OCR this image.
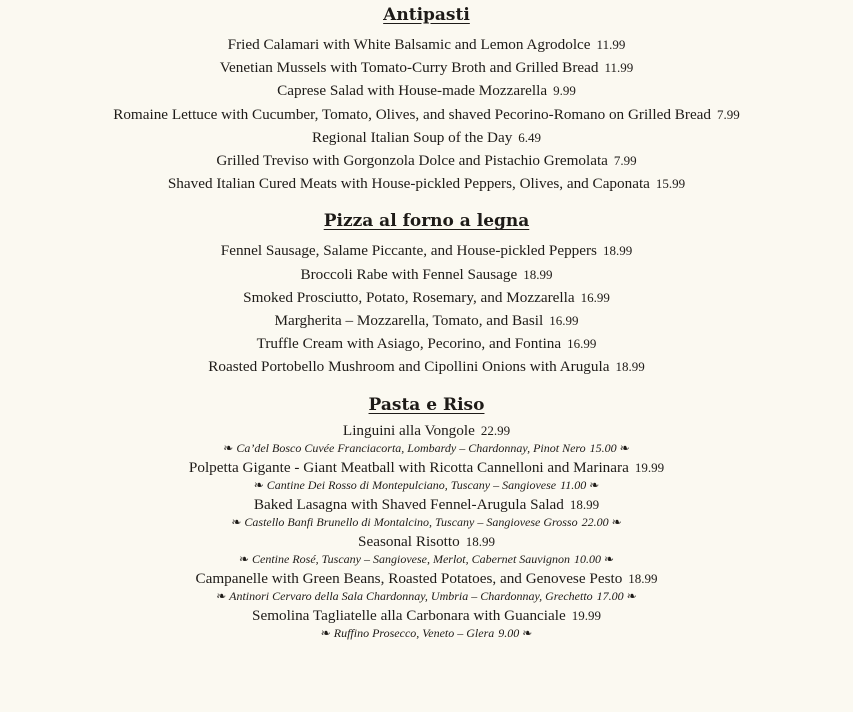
Antipasti
Fried Calamari with White Balsamic and Lemon Agrodolce 11.99
Venetian Mussels with Tomato-Curry Broth and Grilled Bread 11.99
Caprese Salad with House-made Mozzarella 9.99
Romaine Lettuce with Cucumber, Tomato, Olives, and shaved Pecorino-Romano on Grilled Bread 7.99
Regional Italian Soup of the Day 6.49
Grilled Treviso with Gorgonzola Dolce and Pistachio Gremolata 7.99
Shaved Italian Cured Meats with House-pickled Peppers, Olives, and Caponata 15.99
Pizza al forno a legna
Fennel Sausage, Salame Piccante, and House-pickled Peppers 18.99
Broccoli Rabe with Fennel Sausage 18.99
Smoked Prosciutto, Potato, Rosemary, and Mozzarella 16.99
Margherita – Mozzarella, Tomato, and Basil 16.99
Truffle Cream with Asiago, Pecorino, and Fontina 16.99
Roasted Portobello Mushroom and Cipollini Onions with Arugula 18.99
Pasta e Riso
Linguini alla Vongole 22.99
❧ Ca’del Bosco Cuvée Franciacorta, Lombardy – Chardonnay, Pinot Nero 15.00 ❧
Polpetta Gigante - Giant Meatball with Ricotta Cannelloni and Marinara 19.99
❧ Cantine Dei Rosso di Montepulciano, Tuscany – Sangiovese 11.00 ❧
Baked Lasagna with Shaved Fennel-Arugula Salad 18.99
❧ Castello Banfi Brunello di Montalcino, Tuscany – Sangiovese Grosso 22.00 ❧
Seasonal Risotto 18.99
❧ Centine Rosé, Tuscany – Sangiovese, Merlot, Cabernet Sauvignon 10.00 ❧
Campanelle with Green Beans, Roasted Potatoes, and Genovese Pesto 18.99
❧ Antinori Cervaro della Sala Chardonnay, Umbria – Chardonnay, Grechetto 17.00 ❧
Semolina Tagliatelle alla Carbonara with Guanciale 19.99
❧ Ruffino Prosecco, Veneto – Glera 9.00 ❧
